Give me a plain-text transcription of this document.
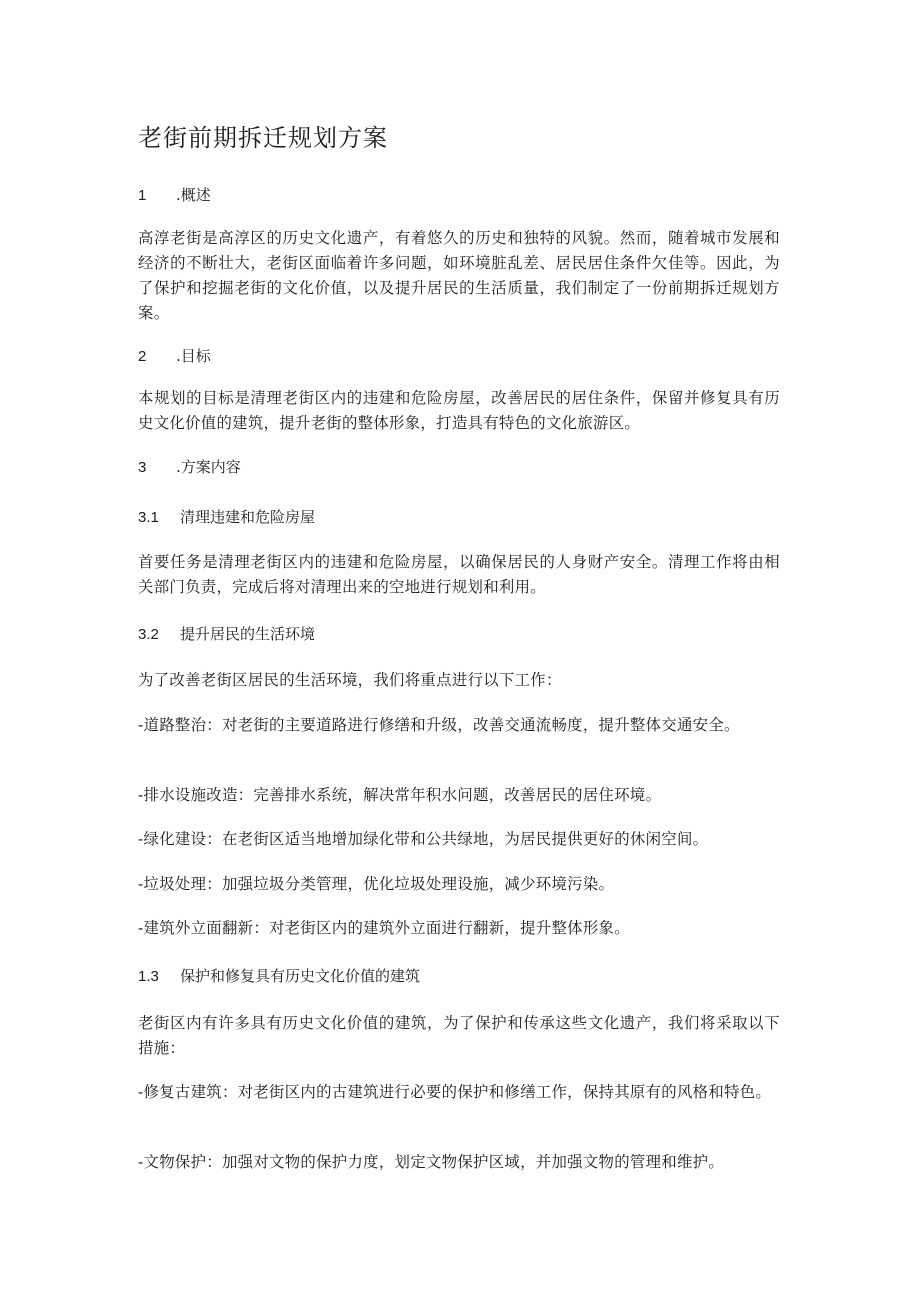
老街前期拆迁规划方案
1 .概述
高淳老街是高淳区的历史文化遗产，有着悠久的历史和独特的风貌。然而，随着城市发展和经济的不断壮大，老街区面临着许多问题，如环境脏乱差、居民居住条件欠佳等。因此，为了保护和挖掘老街的文化价值，以及提升居民的生活质量，我们制定了一份前期拆迁规划方案。
2 .目标
本规划的目标是清理老街区内的违建和危险房屋，改善居民的居住条件，保留并修复具有历史文化价值的建筑，提升老街的整体形象，打造具有特色的文化旅游区。
3 .方案内容
3.1 清理违建和危险房屋
首要任务是清理老街区内的违建和危险房屋，以确保居民的人身财产安全。清理工作将由相关部门负责，完成后将对清理出来的空地进行规划和利用。
3.2 提升居民的生活环境
为了改善老街区居民的生活环境，我们将重点进行以下工作：
-道路整治：对老街的主要道路进行修缮和升级，改善交通流畅度，提升整体交通安全。
-排水设施改造：完善排水系统，解决常年积水问题，改善居民的居住环境。
-绿化建设：在老街区适当地增加绿化带和公共绿地，为居民提供更好的休闲空间。
-垃圾处理：加强垃圾分类管理，优化垃圾处理设施，减少环境污染。
-建筑外立面翻新：对老街区内的建筑外立面进行翻新，提升整体形象。
1.3 保护和修复具有历史文化价值的建筑
老街区内有许多具有历史文化价值的建筑，为了保护和传承这些文化遗产，我们将采取以下措施：
-修复古建筑：对老街区内的古建筑进行必要的保护和修缮工作，保持其原有的风格和特色。
-文物保护：加强对文物的保护力度，划定文物保护区域，并加强文物的管理和维护。
